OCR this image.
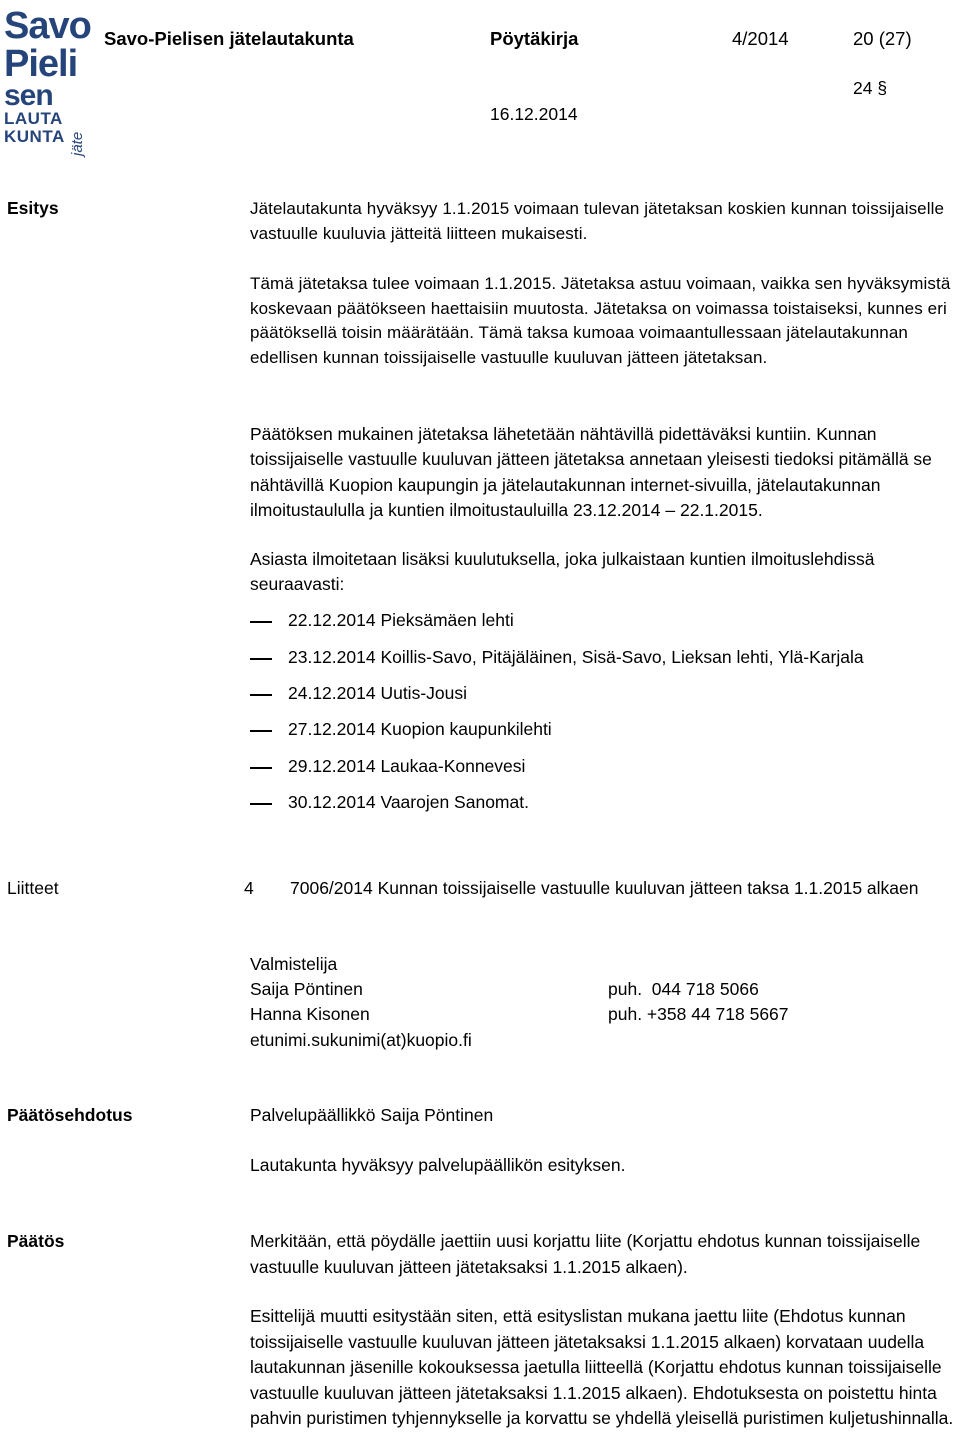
Savo
Pieli
sen
LAUTA
KUNTA jäte
Savo-Pielisen jätelautakunta	Pöytäkirja	4/2014	20 (27)
24 §
16.12.2014
Esitys	Jätelautakunta hyväksyy 1.1.2015 voimaan tulevan jätetaksan koskien kunnan toissijaiselle vastuulle kuuluvia jätteitä liitteen mukaisesti.

Tämä jätetaksa tulee voimaan 1.1.2015. Jätetaksa astuu voimaan, vaikka sen hyväksymistä koskevaan päätökseen haettaisiin muutosta. Jätetaksa on voimassa toistaiseksi, kunnes eri päätöksellä toisin määrätään. Tämä taksa kumoaa voimaantullessaan jätelautakunnan edellisen kunnan toissijaiselle vastuulle kuuluvan jätteen jätetaksan.

Päätöksen mukainen jätetaksa lähetetään nähtävillä pidettäväksi kuntiin. Kunnan toissijaiselle vastuulle kuuluvan jätteen jätetaksa annetaan yleisesti tiedoksi pitämällä se nähtävillä Kuopion kaupungin ja jätelautakunnan internet-sivuilla, jätelautakunnan ilmoitustaululla ja kuntien ilmoitustauluilla 23.12.2014 – 22.1.2015.

Asiasta ilmoitetaan lisäksi kuulutuksella, joka julkaistaan kuntien ilmoituslehdissä seuraavasti:

22.12.2014 Pieksämäen lehti
23.12.2014 Koillis-Savo, Pitäjäläinen, Sisä-Savo, Lieksan lehti, Ylä-Karjala
24.12.2014 Uutis-Jousi
27.12.2014 Kuopion kaupunkilehti
29.12.2014 Laukaa-Konnevesi
30.12.2014 Vaarojen Sanomat.
Liitteet	4 7006/2014 Kunnan toissijaiselle vastuulle kuuluvan jätteen taksa 1.1.2015 alkaen

Valmistelija
Saija Pöntinen	puh.  044 718 5066
Hanna Kisonen	puh. +358 44 718 5667
etunimi.sukunimi(at)kuopio.fi
Päätösehdotus	Palvelupäällikkö Saija Pöntinen
Lautakunta hyväksyy palvelupäällikön esityksen.
Päätös	Merkitään, että pöydälle jaettiin uusi korjattu liite (Korjattu ehdotus kunnan toissijaiselle vastuulle kuuluvan jätteen jätetaksaksi 1.1.2015 alkaen).

Esittelijä muutti esitystään siten, että esityslistan mukana jaettu liite (Ehdotus kunnan toissijaiselle vastuulle kuuluvan jätteen jätetaksaksi 1.1.2015 alkaen) korvataan uudella lautakunnan jäsenille kokouksessa jaetulla liitteellä (Korjattu ehdotus kunnan toissijaiselle vastuulle kuuluvan jätteen jätetaksaksi 1.1.2015 alkaen). Ehdotuksesta on poistettu hinta pahvin puristimen tyhjennykselle ja korvattu se yhdellä yleisellä puristimen kuljetushinnalla.
